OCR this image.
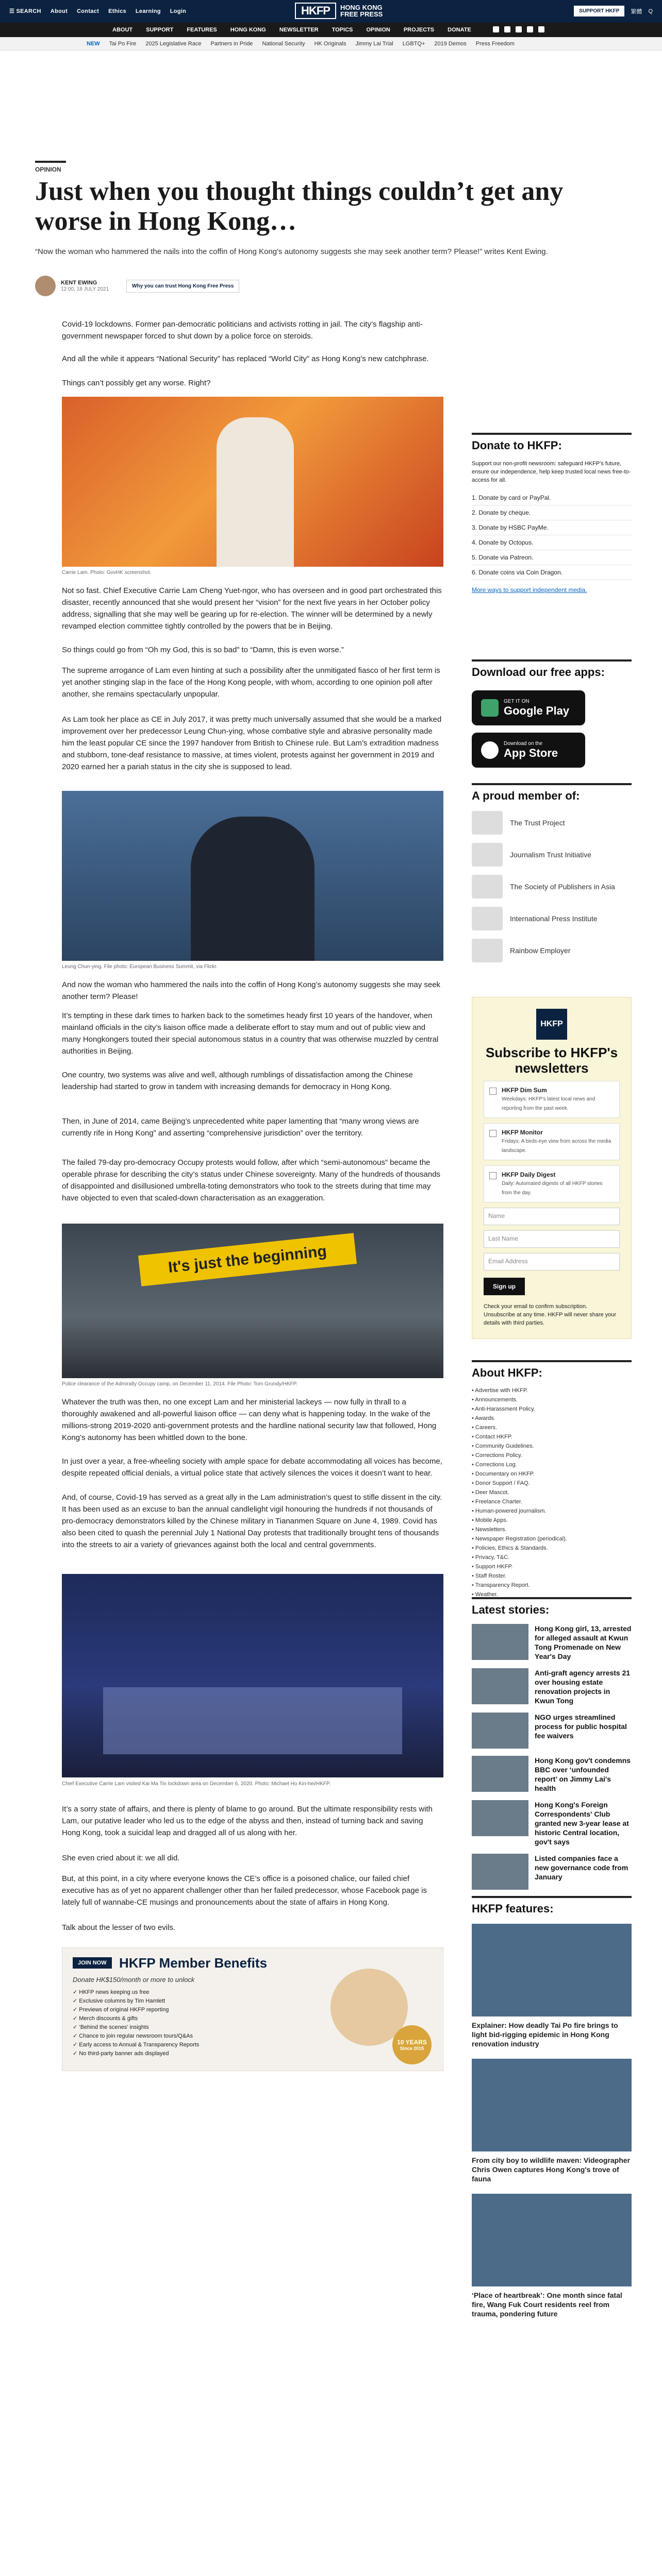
☰ SEARCH About Contact Ethics Learning Login	HKFP	HONG KONG
FREE PRESS	SUPPORT HKFP	繁體 Q
ABOUT SUPPORT FEATURES HONG KONG NEWSLETTER TOPICS OPINION PROJECTS DONATE
NEW Tai Po Fire 2025 Legislative Race Partners in Pride National Security HK Originals Jimmy Lai Trial LGBTQ+ 2019 Demos Press Freedom
OPINION
Just when you thought things couldn’t get any worse in Hong Kong…
“Now the woman who hammered the nails into the coffin of Hong Kong's autonomy suggests she may seek another term? Please!” writes Kent Ewing.
KENT EWING
12:00, 18 JULY 2021
Why you can trust Hong Kong Free Press
Covid-19 lockdowns. Former pan-democratic politicians and activists rotting in jail. The city’s flagship anti-government newspaper forced to shut down by a police force on steroids.
And all the while it appears “National Security” has replaced “World City” as Hong Kong’s new catchphrase.
Things can’t possibly get any worse. Right?
Carrie Lam. Photo: GovHK screenshot.
Not so fast. Chief Executive Carrie Lam Cheng Yuet-ngor, who has overseen and in good part orchestrated this disaster, recently announced that she would present her “vision” for the next five years in her October policy address, signalling that she may well be gearing up for re-election. The winner will be determined by a newly revamped election committee tightly controlled by the powers that be in Beijing.
So things could go from “Oh my God, this is so bad” to “Damn, this is even worse.”
The supreme arrogance of Lam even hinting at such a possibility after the unmitigated fiasco of her first term is yet another stinging slap in the face of the Hong Kong people, with whom, according to one opinion poll after another, she remains spectacularly unpopular.
As Lam took her place as CE in July 2017, it was pretty much universally assumed that she would be a marked improvement over her predecessor Leung Chun-ying, whose combative style and abrasive personality made him the least popular CE since the 1997 handover from British to Chinese rule. But Lam’s extradition madness and stubborn, tone-deaf resistance to massive, at times violent, protests against her government in 2019 and 2020 earned her a pariah status in the city she is supposed to lead.
Leung Chun-ying. File photo: European Business Summit, via Flickr.
And now the woman who hammered the nails into the coffin of Hong Kong’s autonomy suggests she may seek another term? Please!
It’s tempting in these dark times to harken back to the sometimes heady first 10 years of the handover, when mainland officials in the city’s liaison office made a deliberate effort to stay mum and out of public view and many Hongkongers touted their special autonomous status in a country that was otherwise muzzled by central authorities in Beijing.
One country, two systems was alive and well, although rumblings of dissatisfaction among the Chinese leadership had started to grow in tandem with increasing demands for democracy in Hong Kong.
Then, in June of 2014, came Beijing’s unprecedented white paper lamenting that “many wrong views are currently rife in Hong Kong” and asserting “comprehensive jurisdiction” over the territory.
The failed 79-day pro-democracy Occupy protests would follow, after which “semi-autonomous” became the operable phrase for describing the city’s status under Chinese sovereignty. Many of the hundreds of thousands of disappointed and disillusioned umbrella-toting demonstrators who took to the streets during that time may have objected to even that scaled-down characterisation as an exaggeration.
It's just the beginning
Police clearance of the Admiralty Occupy camp, on December 11, 2014. File Photo: Tom Grundy/HKFP.
Whatever the truth was then, no one except Lam and her ministerial lackeys — now fully in thrall to a thoroughly awakened and all-powerful liaison office — can deny what is happening today. In the wake of the millions-strong 2019-2020 anti-government protests and the hardline national security law that followed, Hong Kong’s autonomy has been whittled down to the bone.
In just over a year, a free-wheeling society with ample space for debate accommodating all voices has become, despite repeated official denials, a virtual police state that actively silences the voices it doesn’t want to hear.
And, of course, Covid-19 has served as a great ally in the Lam administration’s quest to stifle dissent in the city. It has been used as an excuse to ban the annual candlelight vigil honouring the hundreds if not thousands of pro-democracy demonstrators killed by the Chinese military in Tiananmen Square on June 4, 1989. Covid has also been cited to quash the perennial July 1 National Day protests that traditionally brought tens of thousands into the streets to air a variety of grievances against both the local and central governments.
Chief Executive Carrie Lam visited Kai Ma Tin lockdown area on December 6, 2020. Photo: Michael Ho Kin-hei/HKFP.
It’s a sorry state of affairs, and there is plenty of blame to go around. But the ultimate responsibility rests with Lam, our putative leader who led us to the edge of the abyss and then, instead of turning back and saving Hong Kong, took a suicidal leap and dragged all of us along with her.
She even cried about it: we all did.
But, at this point, in a city where everyone knows the CE’s office is a poisoned chalice, our failed chief executive has as of yet no apparent challenger other than her failed predecessor, whose Facebook page is lately full of wannabe-CE musings and pronouncements about the state of affairs in Hong Kong.
Talk about the lesser of two evils.
JOIN NOW HKFP Member Benefits
Donate HK$150/month or more to unlock
✓ HKFP news keeping us free
✓ Exclusive columns by Tim Hamlett
✓ Previews of original HKFP reporting
✓ Merch discounts & gifts
✓ ‘Behind the scenes’ insights
✓ Chance to join regular newsroom tours/Q&As
✓ Early access to Annual & Transparency Reports
✓ No third-party banner ads displayed
10 YEARS
Since 2015
Donate to HKFP:
Support our non-profit newsroom: safeguard HKFP's future, ensure our independence, help keep trusted local news free-to-access for all.
1. Donate by card or PayPal.
2. Donate by cheque.
3. Donate by HSBC PayMe.
4. Donate by Octopus.
5. Donate via Patreon.
6. Donate coins via Coin Dragon.
More ways to support independent media.
Download our free apps:
GET IT ON
Google Play
Download on the
App Store
A proud member of:
The Trust Project
Journalism Trust Initiative
The Society of Publishers in Asia
International Press Institute
Rainbow Employer
HKFP
Subscribe to HKFP's newsletters
HKFP Dim Sum
Weekdays: HKFP's latest local news and reporting from the past week.
HKFP Monitor
Fridays: A birds-eye view from across the media landscape.
HKFP Daily Digest
Daily: Automated digests of all HKFP stories from the day.
Name
Last Name
Email Address
Sign up
Check your email to confirm subscription. Unsubscribe at any time. HKFP will never share your details with third parties.
About HKFP:
• Advertise with HKFP.
• Announcements.
• Anti-Harassment Policy.
• Awards.
• Careers.
• Contact HKFP.
• Community Guidelines.
• Corrections Policy.
• Corrections Log.
• Documentary on HKFP.
• Donor Support / FAQ.
• Deer Mascot.
• Freelance Charter.
• Human-powered journalism.
• Mobile Apps.
• Newsletters.
• Newspaper Registration (periodical).
• Policies, Ethics & Standards.
• Privacy, T&C.
• Support HKFP.
• Staff Roster.
• Transparency Report.
• Weather.
Latest stories:
Hong Kong girl, 13, arrested for alleged assault at Kwun Tong Promenade on New Year's Day
Anti-graft agency arrests 21 over housing estate renovation projects in Kwun Tong
NGO urges streamlined process for public hospital fee waivers
Hong Kong gov't condemns BBC over ‘unfounded report’ on Jimmy Lai's health
Hong Kong's Foreign Correspondents' Club granted new 3-year lease at historic Central location, gov't says
Listed companies face a new governance code from January
HKFP features:
Explainer: How deadly Tai Po fire brings to light bid-rigging epidemic in Hong Kong renovation industry
From city boy to wildlife maven: Videographer Chris Owen captures Hong Kong's trove of fauna
‘Place of heartbreak’: One month since fatal fire, Wang Fuk Court residents reel from trauma, pondering future
